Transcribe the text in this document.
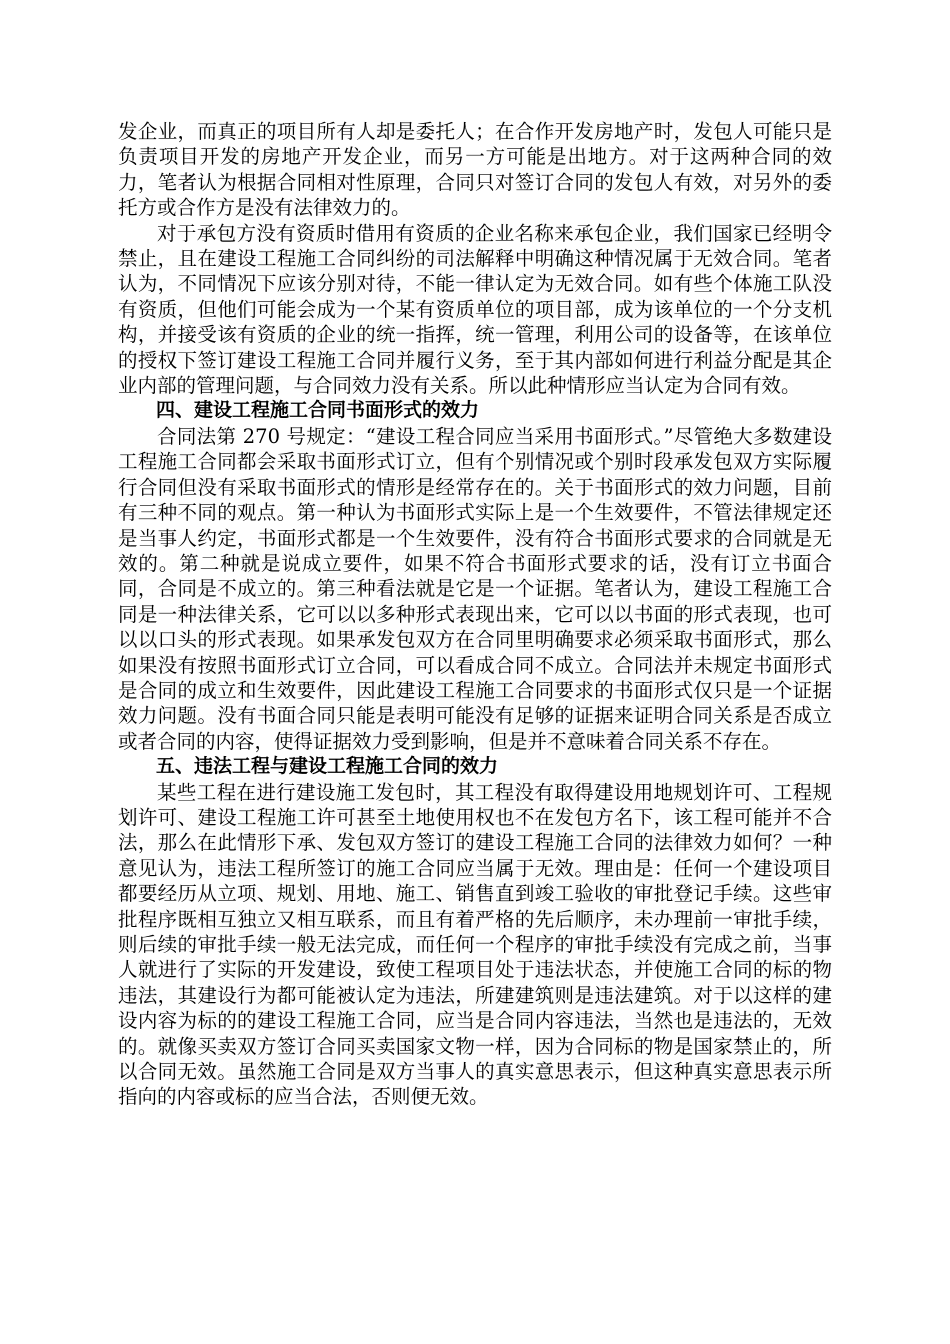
发企业，而真正的项目所有人却是委托人；在合作开发房地产时，发包人可能只是负责项目开发的房地产开发企业，而另一方可能是出地方。对于这两种合同的效力，笔者认为根据合同相对性原理，合同只对签订合同的发包人有效，对另外的委托方或合作方是没有法律效力的。

对于承包方没有资质时借用有资质的企业名称来承包企业，我们国家已经明令禁止，且在建设工程施工合同纠纷的司法解释中明确这种情况属于无效合同。笔者认为，不同情况下应该分别对待，不能一律认定为无效合同。如有些个体施工队没有资质，但他们可能会成为一个某有资质单位的项目部，成为该单位的一个分支机构，并接受该有资质的企业的统一指挥，统一管理，利用公司的设备等，在该单位的授权下签订建设工程施工合同并履行义务，至于其内部如何进行利益分配是其企业内部的管理问题，与合同效力没有关系。所以此种情形应当认定为合同有效。

四、建设工程施工合同书面形式的效力

合同法第 270 号规定：“建设工程合同应当采用书面形式。”尽管绝大多数建设工程施工合同都会采取书面形式订立，但有个别情况或个别时段承发包双方实际履行合同但没有采取书面形式的情形是经常存在的。关于书面形式的效力问题，目前有三种不同的观点。第一种认为书面形式实际上是一个生效要件，不管法律规定还是当事人约定，书面形式都是一个生效要件，没有符合书面形式要求的合同就是无效的。第二种就是说成立要件，如果不符合书面形式要求的话，没有订立书面合同，合同是不成立的。第三种看法就是它是一个证据。笔者认为，建设工程施工合同是一种法律关系，它可以以多种形式表现出来，它可以以书面的形式表现，也可以以口头的形式表现。如果承发包双方在合同里明确要求必须采取书面形式，那么如果没有按照书面形式订立合同，可以看成合同不成立。合同法并未规定书面形式是合同的成立和生效要件，因此建设工程施工合同要求的书面形式仅只是一个证据效力问题。没有书面合同只能是表明可能没有足够的证据来证明合同关系是否成立或者合同的内容，使得证据效力受到影响，但是并不意味着合同关系不存在。

五、违法工程与建设工程施工合同的效力

某些工程在进行建设施工发包时，其工程没有取得建设用地规划许可、工程规划许可、建设工程施工许可甚至土地使用权也不在发包方名下，该工程可能并不合法，那么在此情形下承、发包双方签订的建设工程施工合同的法律效力如何？一种意见认为，违法工程所签订的施工合同应当属于无效。理由是：任何一个建设项目都要经历从立项、规划、用地、施工、销售直到竣工验收的审批登记手续。这些审批程序既相互独立又相互联系，而且有着严格的先后顺序，未办理前一审批手续，则后续的审批手续一般无法完成，而任何一个程序的审批手续没有完成之前，当事人就进行了实际的开发建设，致使工程项目处于违法状态，并使施工合同的标的物违法，其建设行为都可能被认定为违法，所建建筑则是违法建筑。对于以这样的建设内容为标的的建设工程施工合同，应当是合同内容违法，当然也是违法的，无效的。就像买卖双方签订合同买卖国家文物一样，因为合同标的物是国家禁止的，所以合同无效。虽然施工合同是双方当事人的真实意思表示，但这种真实意思表示所指向的内容或标的应当合法，否则便无效。
